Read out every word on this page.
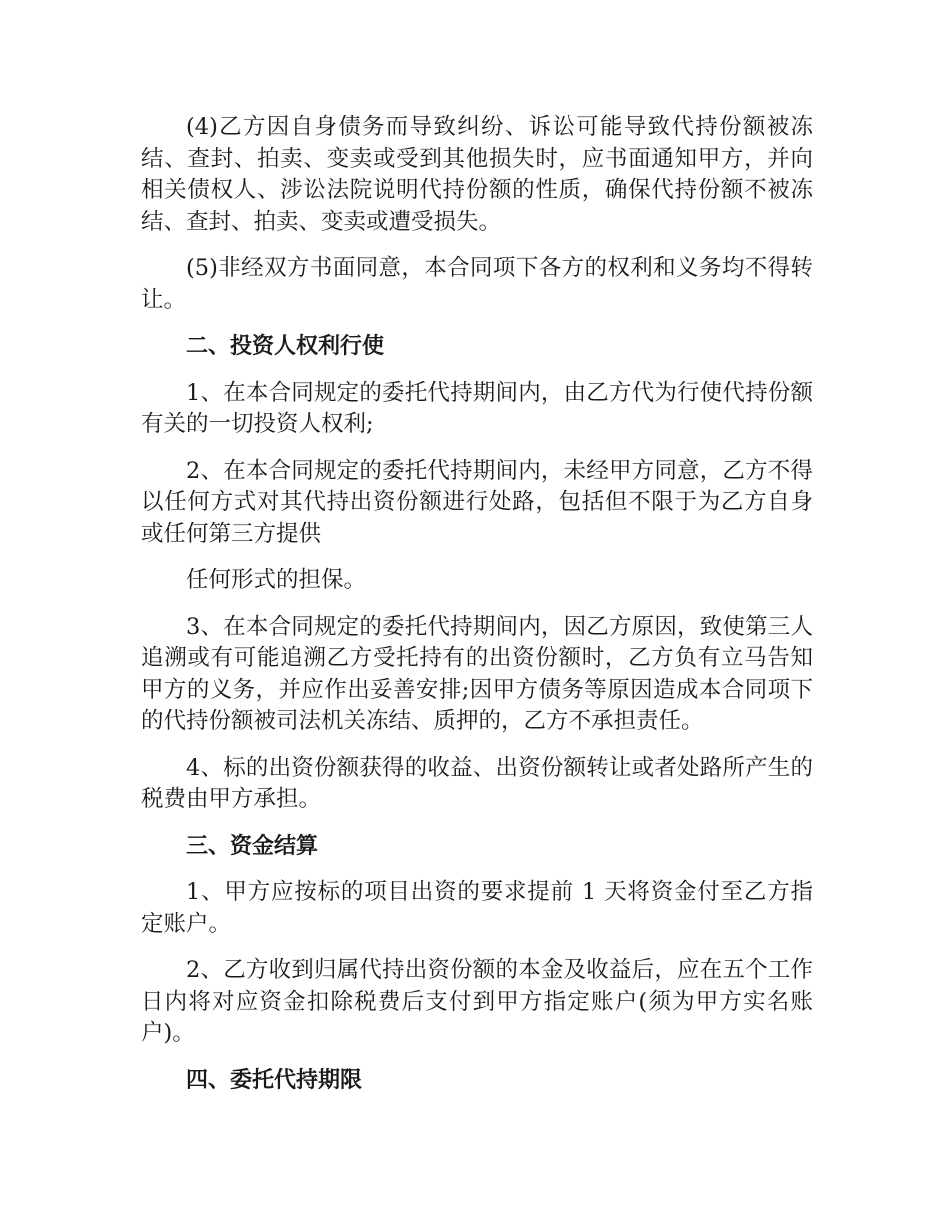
(4)乙方因自身债务而导致纠纷、诉讼可能导致代持份额被冻结、查封、拍卖、变卖或受到其他损失时，应书面通知甲方，并向相关债权人、涉讼法院说明代持份额的性质，确保代持份额不被冻结、查封、拍卖、变卖或遭受损失。

(5)非经双方书面同意，本合同项下各方的权利和义务均不得转让。

二、投资人权利行使

1、在本合同规定的委托代持期间内，由乙方代为行使代持份额有关的一切投资人权利;

2、在本合同规定的委托代持期间内，未经甲方同意，乙方不得以任何方式对其代持出资份额进行处路，包括但不限于为乙方自身或任何第三方提供

任何形式的担保。

3、在本合同规定的委托代持期间内，因乙方原因，致使第三人追溯或有可能追溯乙方受托持有的出资份额时，乙方负有立马告知甲方的义务，并应作出妥善安排;因甲方债务等原因造成本合同项下的代持份额被司法机关冻结、质押的，乙方不承担责任。

4、标的出资份额获得的收益、出资份额转让或者处路所产生的税费由甲方承担。

三、资金结算

1、甲方应按标的项目出资的要求提前 1 天将资金付至乙方指定账户。

2、乙方收到归属代持出资份额的本金及收益后，应在五个工作日内将对应资金扣除税费后支付到甲方指定账户(须为甲方实名账户)。

四、委托代持期限
